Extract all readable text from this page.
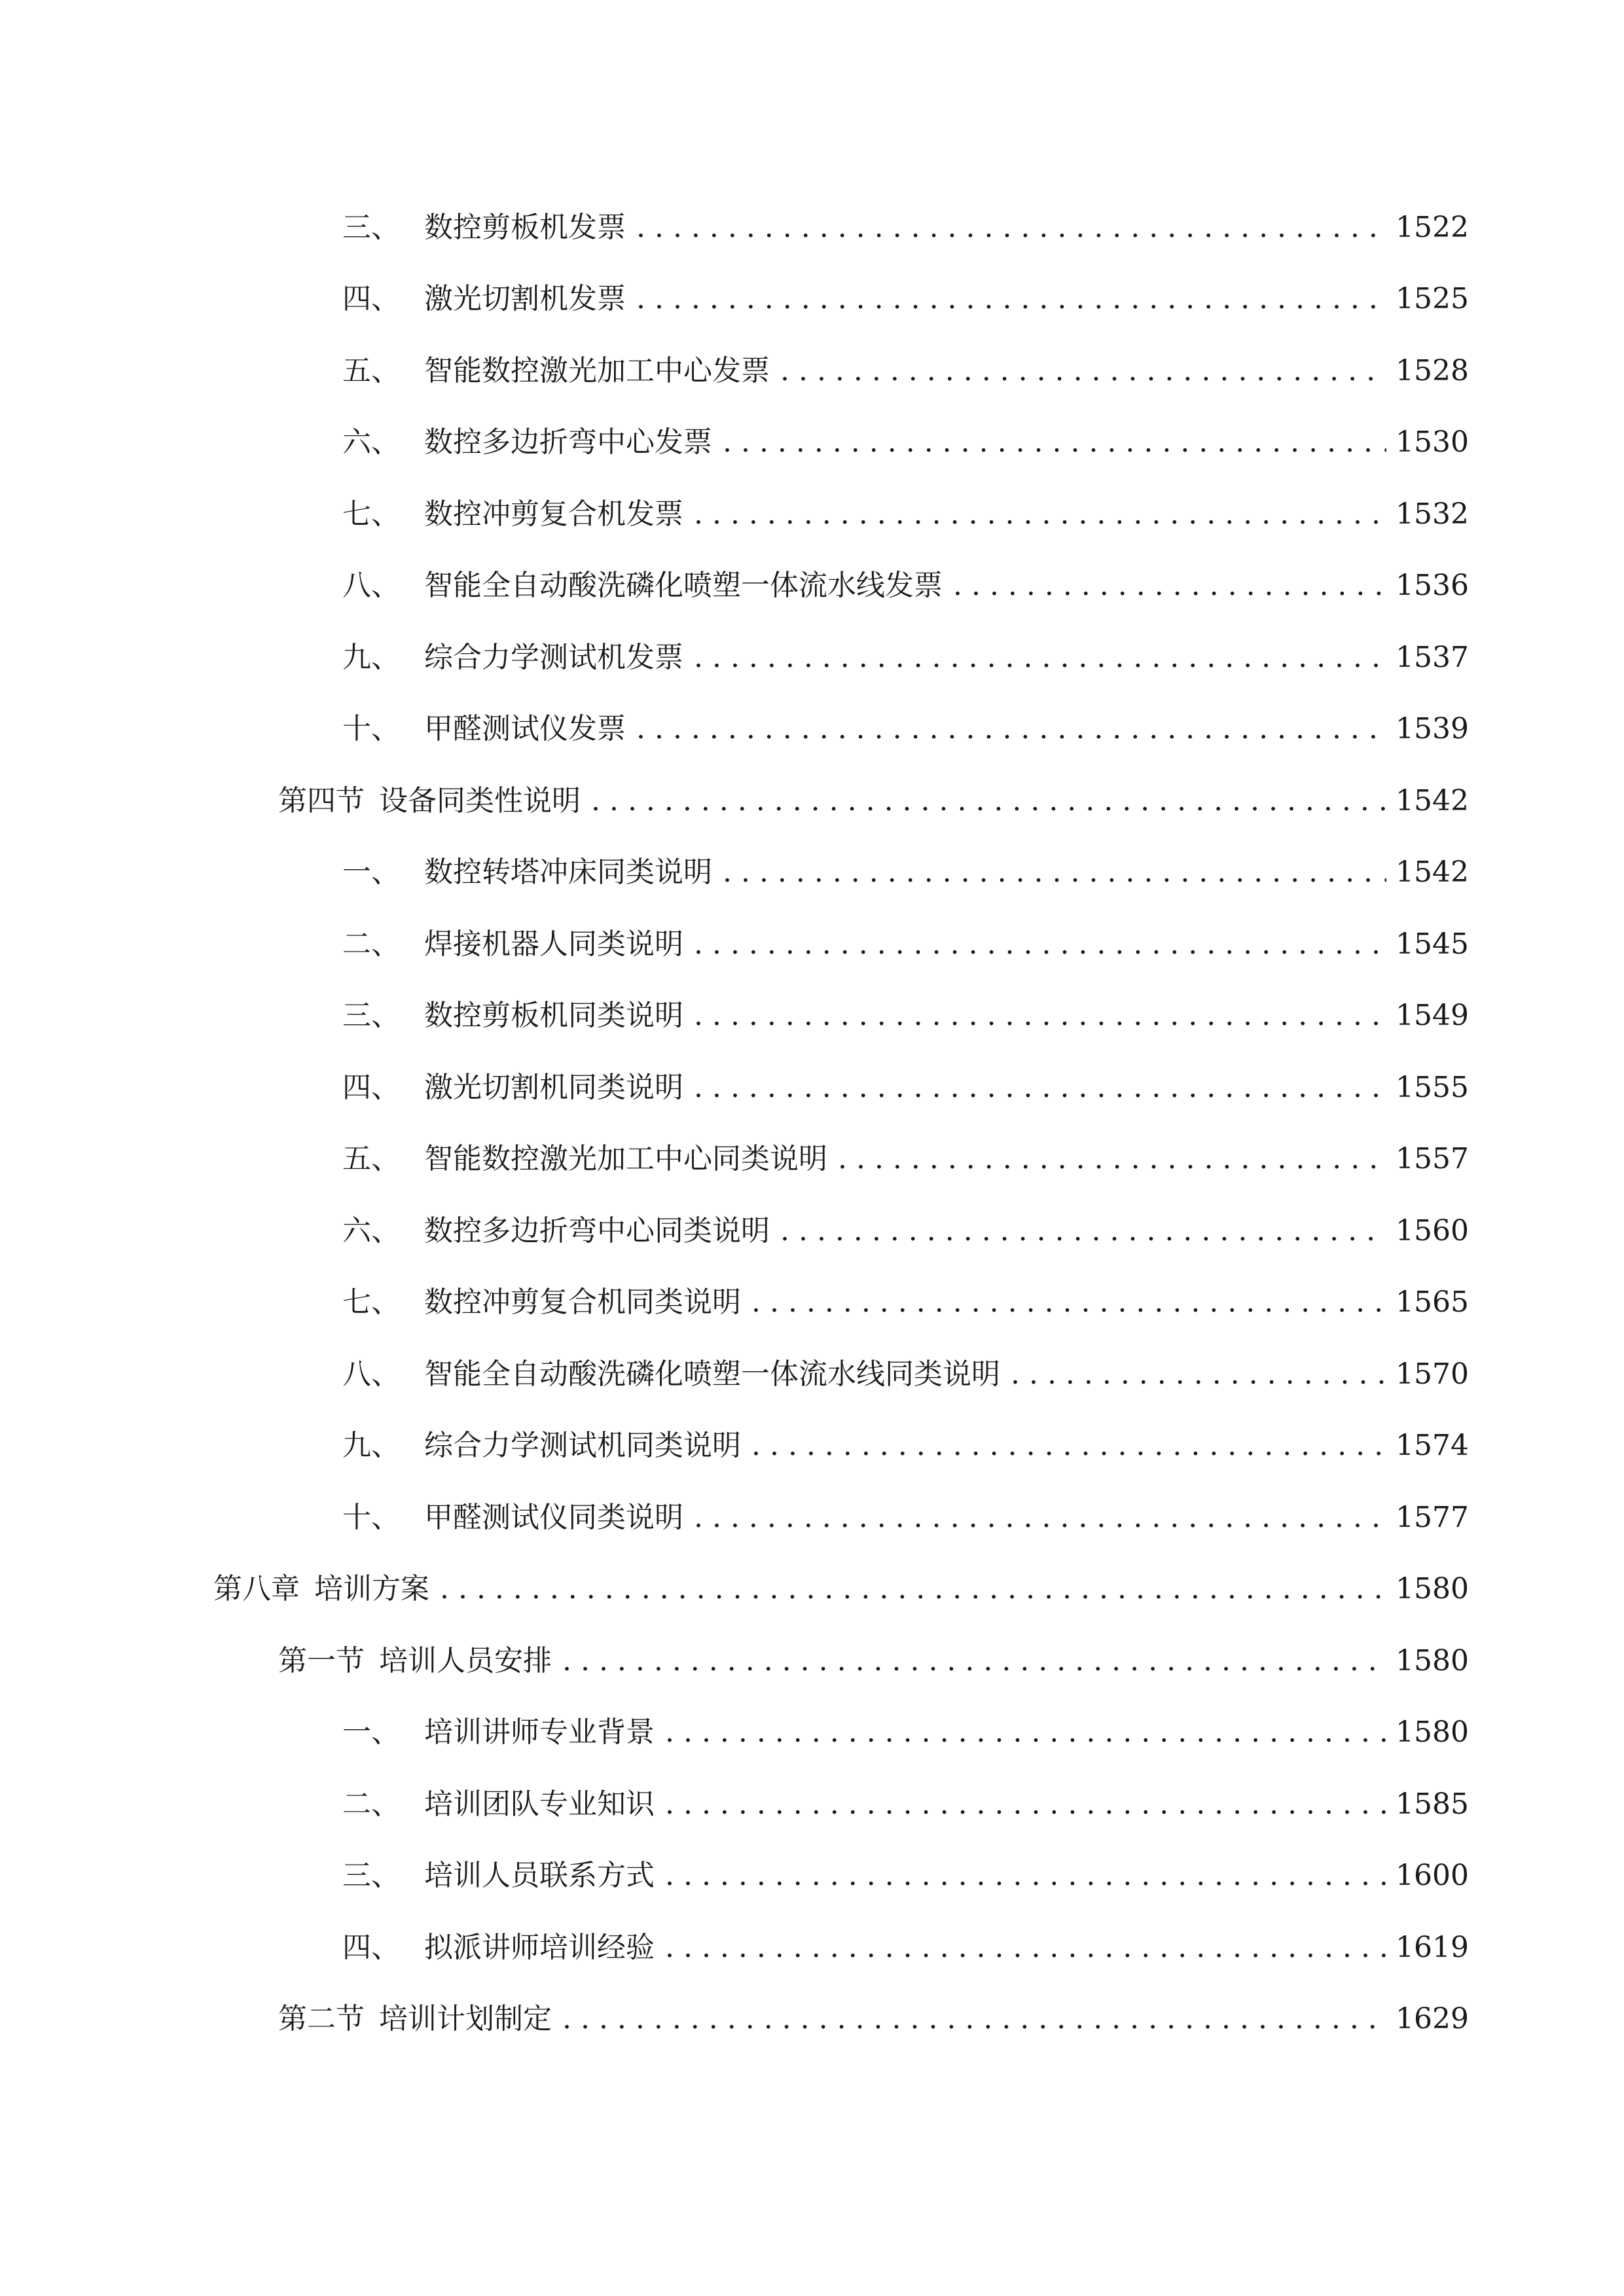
三、 数控剪板机发票 . . .	1522
四、 激光切割机发票 . . .	1525
五、 智能数控激光加工中心发票 . . .	1528
六、 数控多边折弯中心发票 . . .	1530
七、 数控冲剪复合机发票 . . .	1532
八、 智能全自动酸洗磷化喷塑一体流水线发票 . . .	1536
九、 综合力学测试机发票 . . .	1537
十、 甲醛测试仪发票 . . .	1539
第四节 设备同类性说明 . . .	1542
一、 数控转塔冲床同类说明 . . .	1542
二、 焊接机器人同类说明 . . .	1545
三、 数控剪板机同类说明 . . .	1549
四、 激光切割机同类说明 . . .	1555
五、 智能数控激光加工中心同类说明 . . .	1557
六、 数控多边折弯中心同类说明 . . .	1560
七、 数控冲剪复合机同类说明 . . .	1565
八、 智能全自动酸洗磷化喷塑一体流水线同类说明 . . .	1570
九、 综合力学测试机同类说明 . . .	1574
十、 甲醛测试仪同类说明 . . .	1577
第八章 培训方案 . . .	1580
第一节 培训人员安排 . . .	1580
一、 培训讲师专业背景 . . .	1580
二、 培训团队专业知识 . . .	1585
三、 培训人员联系方式 . . .	1600
四、 拟派讲师培训经验 . . .	1619
第二节 培训计划制定 . . .	1629
